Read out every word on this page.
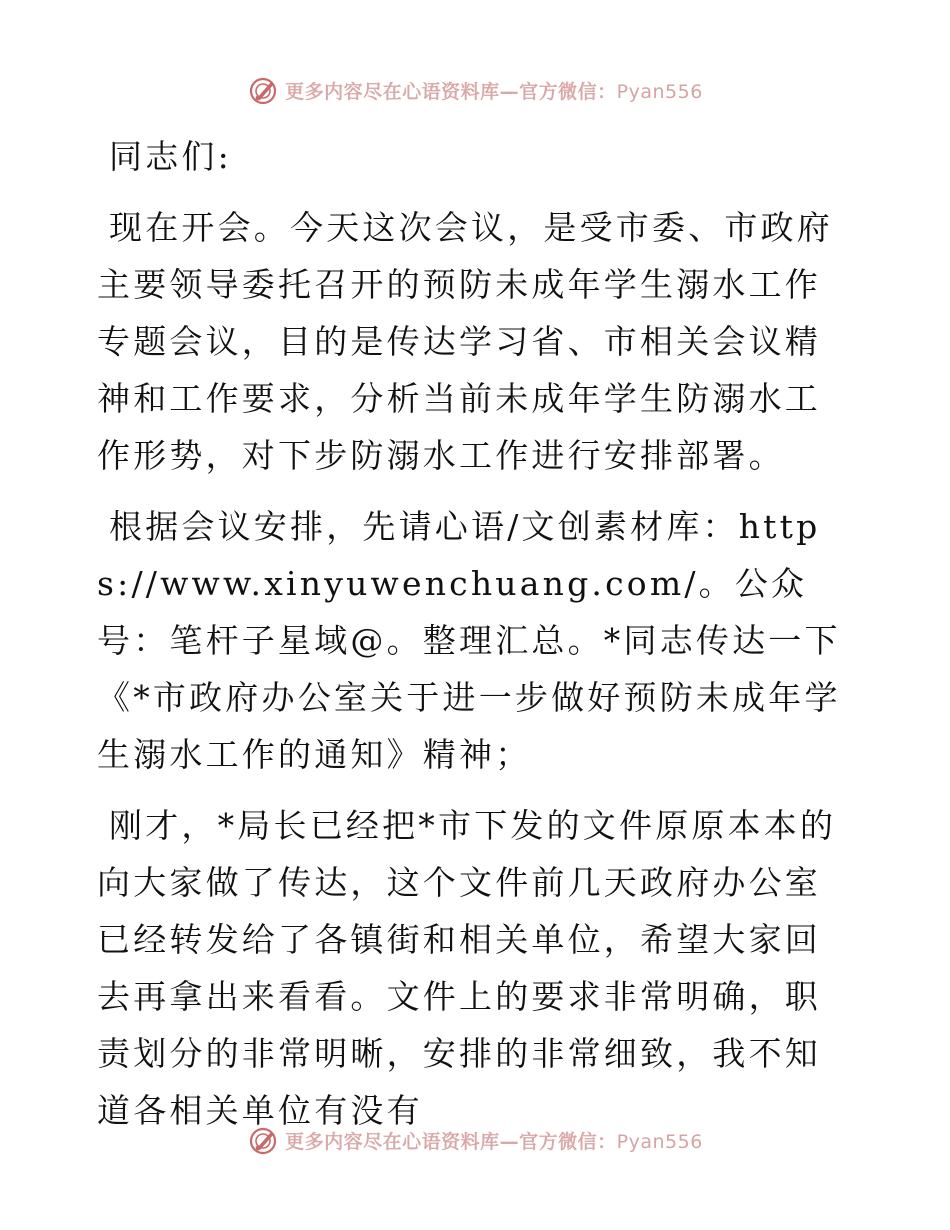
更多内容尽在心语资料库—官方微信：Pyan556

同志们:

现在开会。今天这次会议，是受市委、市政府主要领导委托召开的预防未成年学生溺水工作专题会议，目的是传达学习省、市相关会议精神和工作要求，分析当前未成年学生防溺水工作形势，对下步防溺水工作进行安排部署。

根据会议安排，先请心语/文创素材库：https://www.xinyuwenchuang.com/。公众号：笔杆子星域@。整理汇总。*同志传达一下《*市政府办公室关于进一步做好预防未成年学生溺水工作的通知》精神；

刚才，*局长已经把*市下发的文件原原本本的向大家做了传达，这个文件前几天政府办公室已经转发给了各镇街和相关单位，希望大家回去再拿出来看看。文件上的要求非常明确，职责划分的非常明晰，安排的非常细致，我不知道各相关单位有没有

更多内容尽在心语资料库—官方微信：Pyan556
